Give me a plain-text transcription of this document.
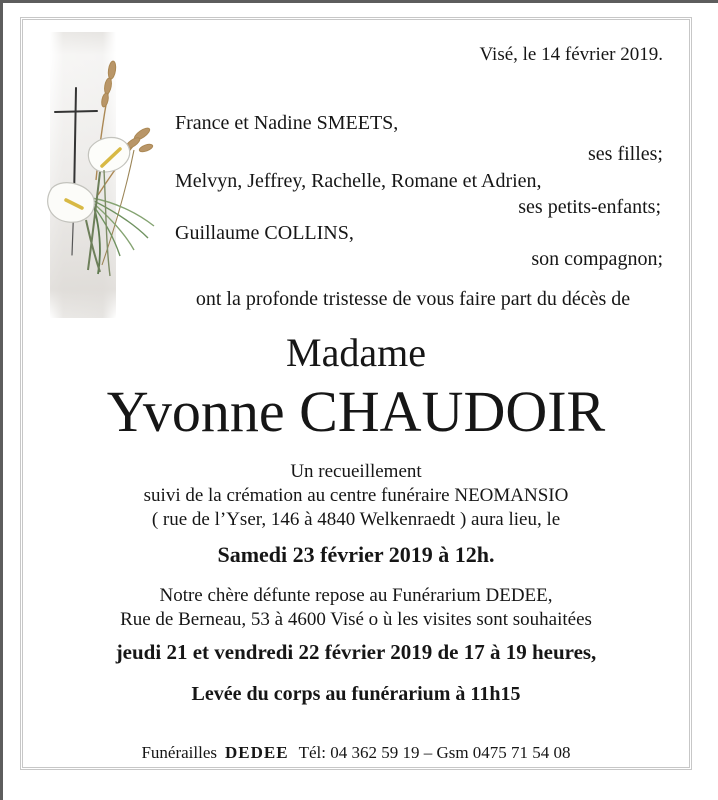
Visé, le 14 février 2019.
France et Nadine SMEETS,
ses filles;
Melvyn, Jeffrey, Rachelle, Romane et Adrien,
ses petits-enfants;
Guillaume COLLINS,
son compagnon;
ont la profonde tristesse de vous faire part du décès de
Madame
Yvonne CHAUDOIR
Un recueillement
suivi de la crémation au centre funéraire NEOMANSIO
( rue de l’Yser, 146 à 4840 Welkenraedt ) aura lieu, le
Samedi 23 février 2019 à 12h.
Notre chère défunte repose au Funérarium DEDEE,
Rue de Berneau, 53 à 4600 Visé o ù les visites sont souhaitées
jeudi 21 et vendredi 22 février 2019 de 17 à 19 heures,
Levée du corps au funérarium à 11h15
Funérailles DEDEE Tél: 04 362 59 19 – Gsm 0475 71 54 08
